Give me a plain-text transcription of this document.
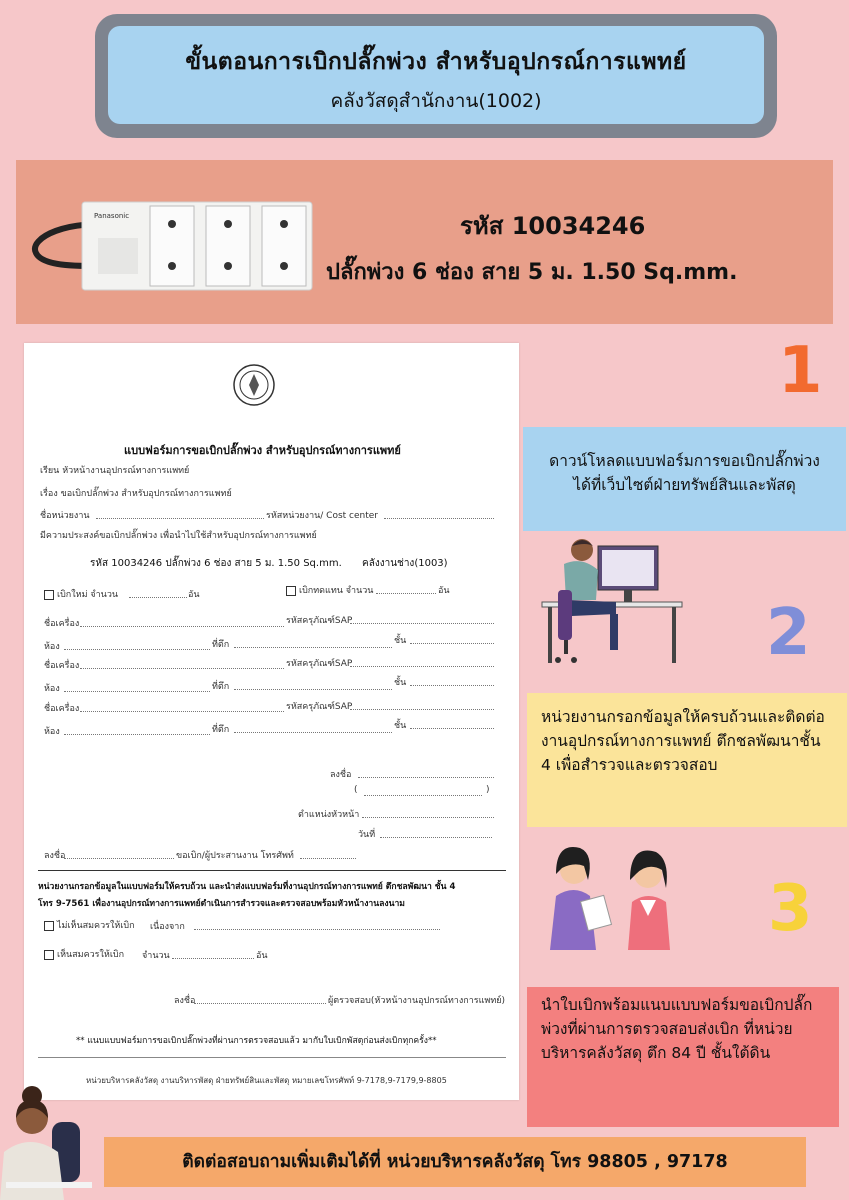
ขั้นตอนการเบิกปลั๊กพ่วง สำหรับอุปกรณ์การแพทย์
คลังวัสดุสำนักงาน(1002)
Panasonic	รหัส 10034246
ปลั๊กพ่วง 6 ช่อง สาย 5 ม. 1.50 Sq.mm.
แบบฟอร์มการขอเบิกปลั๊กพ่วง สำหรับอุปกรณ์ทางการแพทย์
เรียน หัวหน้างานอุปกรณ์ทางการแพทย์
เรื่อง ขอเบิกปลั๊กพ่วง สำหรับอุปกรณ์ทางการแพทย์
ชื่อหน่วยงาน	รหัสหน่วยงาน/ Cost center
มีความประสงค์ขอเบิกปลั๊กพ่วง เพื่อนำไปใช้สำหรับอุปกรณ์ทางการแพทย์
รหัส 10034246 ปลั๊กพ่วง 6 ช่อง สาย 5 ม. 1.50 Sq.mm. คลังงานช่าง(1003)
เบิกใหม่ จำนวน	อัน	เบิกทดแทน จำนวน	อัน
ชื่อเครื่อง	รหัสครุภัณฑ์SAP
ห้อง	ที่ตึก	ชั้น
ชื่อเครื่อง	รหัสครุภัณฑ์SAP
ห้อง	ที่ตึก	ชั้น
ชื่อเครื่อง	รหัสครุภัณฑ์SAP
ห้อง	ที่ตึก	ชั้น
ลงชื่อ
(	)
ตำแหน่งหัวหน้า
วันที่
ลงชื่อ	ขอเบิก/ผู้ประสานงาน โทรศัพท์
หน่วยงานกรอกข้อมูลในแบบฟอร์มให้ครบถ้วน และนำส่งแบบฟอร์มที่งานอุปกรณ์ทางการแพทย์ ตึกชลพัฒนา ชั้น 4
โทร 9-7561 เพื่องานอุปกรณ์ทางการแพทย์ดำเนินการสำรวจและตรวจสอบพร้อมหัวหน้างานลงนาม
ไม่เห็นสมควรให้เบิก เนื่องจาก
เห็นสมควรให้เบิก จำนวน	อัน
ลงชื่อ	ผู้ตรวจสอบ(หัวหน้างานอุปกรณ์ทางการแพทย์)
** แนบแบบฟอร์มการขอเบิกปลั๊กพ่วงที่ผ่านการตรวจสอบแล้ว มากับใบเบิกพัสดุก่อนส่งเบิกทุกครั้ง**
หน่วยบริหารคลังวัสดุ งานบริหารพัสดุ ฝ่ายทรัพย์สินและพัสดุ หมายเลขโทรศัพท์ 9-7178,9-7179,9-8805
1
ดาวน์โหลดแบบฟอร์มการขอเบิกปลั๊กพ่วงได้ที่เว็บไซต์ฝ่ายทรัพย์สินและพัสดุ
2
หน่วยงานกรอกข้อมูลให้ครบถ้วนและติดต่องานอุปกรณ์ทางการแพทย์ ตึกชลพัฒนาชั้น 4 เพื่อสำรวจและตรวจสอบ
3
นำใบเบิกพร้อมแนบแบบฟอร์มขอเบิกปลั๊กพ่วงที่ผ่านการตรวจสอบส่งเบิก ที่หน่วยบริหารคลังวัสดุ ตึก 84 ปี ชั้นใต้ดิน
ติดต่อสอบถามเพิ่มเติมได้ที่ หน่วยบริหารคลังวัสดุ โทร 98805 , 97178
